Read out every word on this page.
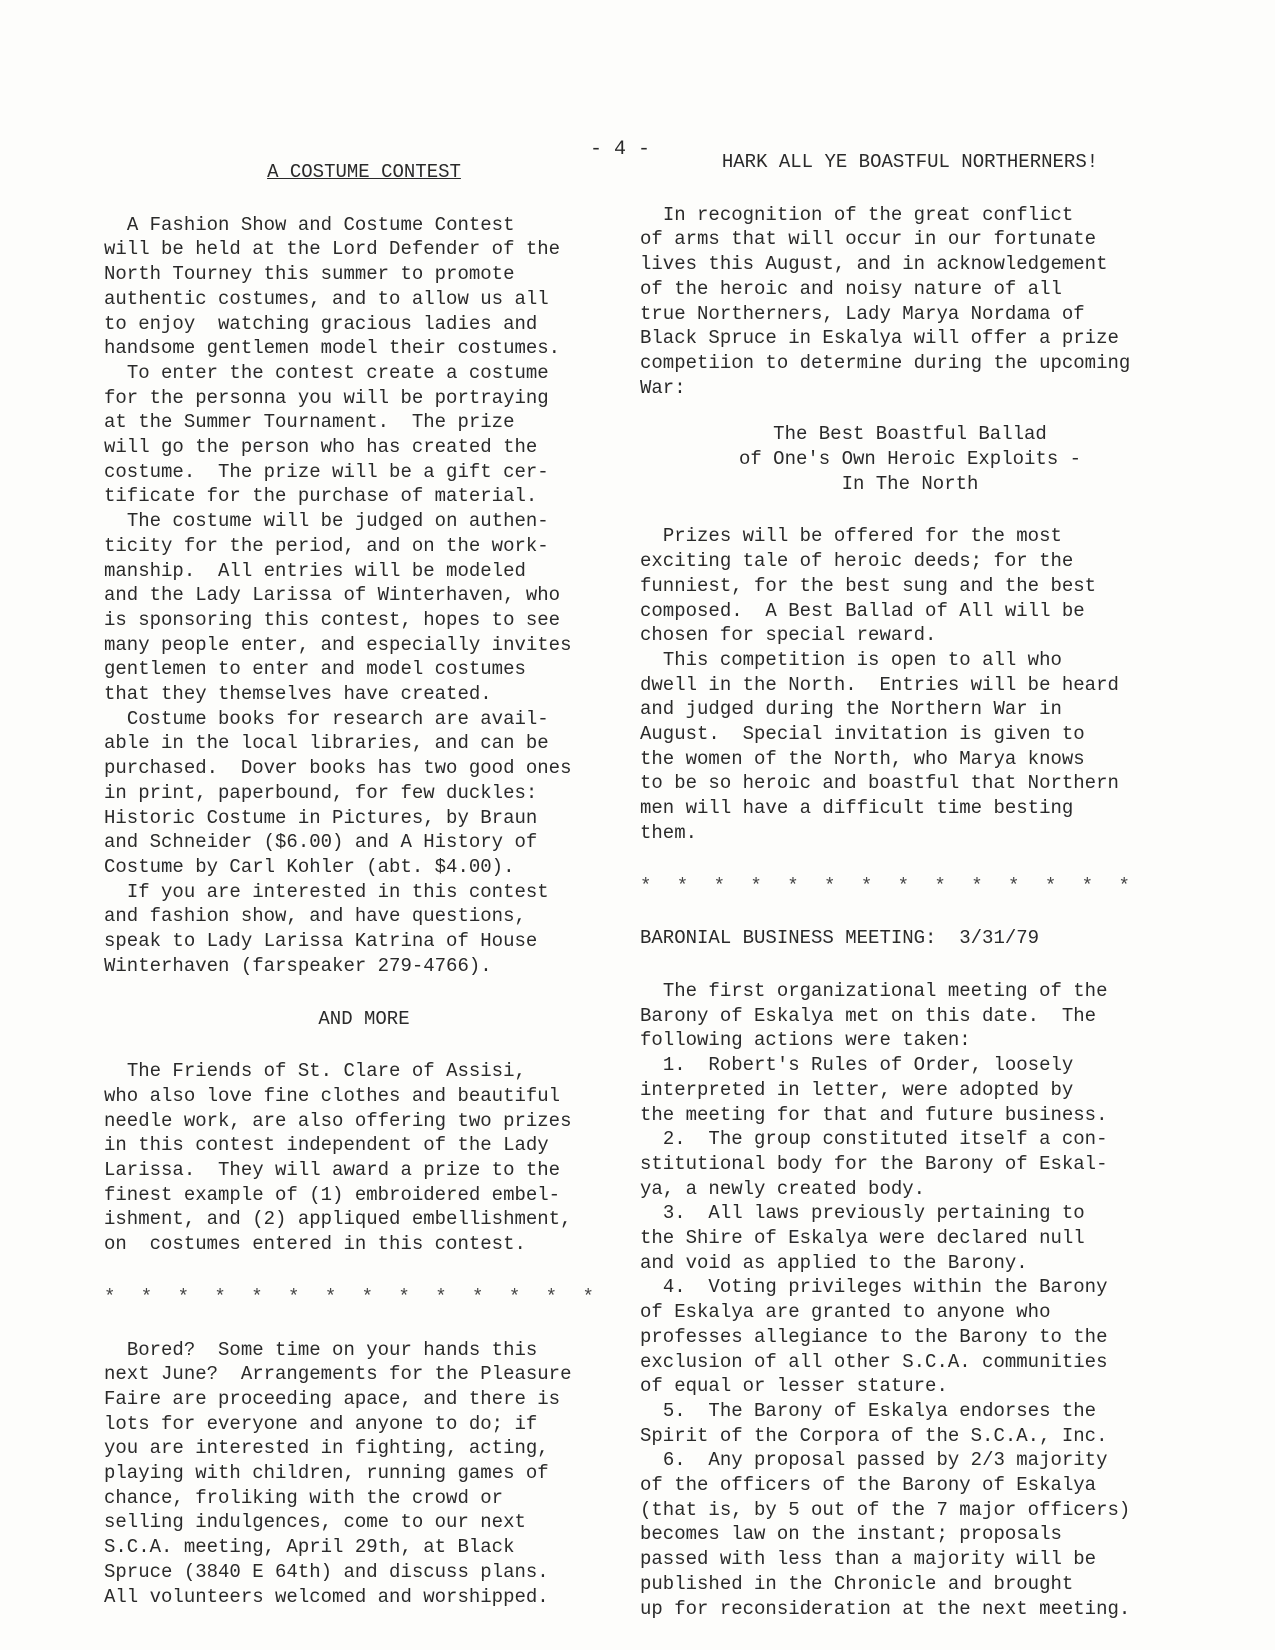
- 4 -

A COSTUME CONTEST

A Fashion Show and Costume Contest

will be held at the Lord Defender of the

North Tourney this summer to promote

authentic costumes, and to allow us all

to enjoy  watching gracious ladies and

handsome gentlemen model their costumes.

To enter the contest create a costume

for the personna you will be portraying

at the Summer Tournament.  The prize

will go the person who has created the

costume.  The prize will be a gift cer-

tificate for the purchase of material.

The costume will be judged on authen-

ticity for the period, and on the work-

manship.  All entries will be modeled

and the Lady Larissa of Winterhaven, who

is sponsoring this contest, hopes to see

many people enter, and especially invites

gentlemen to enter and model costumes

that they themselves have created.

Costume books for research are avail-

able in the local libraries, and can be

purchased.  Dover books has two good ones

in print, paperbound, for few duckles:

Historic Costume in Pictures, by Braun

and Schneider ($6.00) and A History of

Costume by Carl Kohler (abt. $4.00).

If you are interested in this contest

and fashion show, and have questions,

speak to Lady Larissa Katrina of House

Winterhaven (farspeaker 279-4766).

AND MORE

The Friends of St. Clare of Assisi,

who also love fine clothes and beautiful

needle work, are also offering two prizes

in this contest independent of the Lady

Larissa.  They will award a prize to the

finest example of (1) embroidered embel-

ishment, and (2) appliqued embellishment,

on  costumes entered in this contest.

* * * * * * * * * * * * * *

Bored?  Some time on your hands this

next June?  Arrangements for the Pleasure

Faire are proceeding apace, and there is

lots for everyone and anyone to do; if

you are interested in fighting, acting,

playing with children, running games of

chance, froliking with the crowd or

selling indulgences, come to our next

S.C.A. meeting, April 29th, at Black

Spruce (3840 E 64th) and discuss plans.

All volunteers welcomed and worshipped.

HARK ALL YE BOASTFUL NORTHERNERS!

In recognition of the great conflict

of arms that will occur in our fortunate

lives this August, and in acknowledgement

of the heroic and noisy nature of all

true Northerners, Lady Marya Nordama of

Black Spruce in Eskalya will offer a prize

competiion to determine during the upcoming

War:

The Best Boastful Ballad

of One's Own Heroic Exploits -

In The North

Prizes will be offered for the most

exciting tale of heroic deeds; for the

funniest, for the best sung and the best

composed.  A Best Ballad of All will be

chosen for special reward.

This competition is open to all who

dwell in the North.  Entries will be heard

and judged during the Northern War in

August.  Special invitation is given to

the women of the North, who Marya knows

to be so heroic and boastful that Northern

men will have a difficult time besting

them.

* * * * * * * * * * * * * *

BARONIAL BUSINESS MEETING:  3/31/79

The first organizational meeting of the

Barony of Eskalya met on this date.  The

following actions were taken:

1.  Robert's Rules of Order, loosely

interpreted in letter, were adopted by

the meeting for that and future business.

2.  The group constituted itself a con-

stitutional body for the Barony of Eskal-

ya, a newly created body.

3.  All laws previously pertaining to

the Shire of Eskalya were declared null

and void as applied to the Barony.

4.  Voting privileges within the Barony

of Eskalya are granted to anyone who

professes allegiance to the Barony to the

exclusion of all other S.C.A. communities

of equal or lesser stature.

5.  The Barony of Eskalya endorses the

Spirit of the Corpora of the S.C.A., Inc.

6.  Any proposal passed by 2/3 majority

of the officers of the Barony of Eskalya

(that is, by 5 out of the 7 major officers)

becomes law on the instant; proposals

passed with less than a majority will be

published in the Chronicle and brought

up for reconsideration at the next meeting.
